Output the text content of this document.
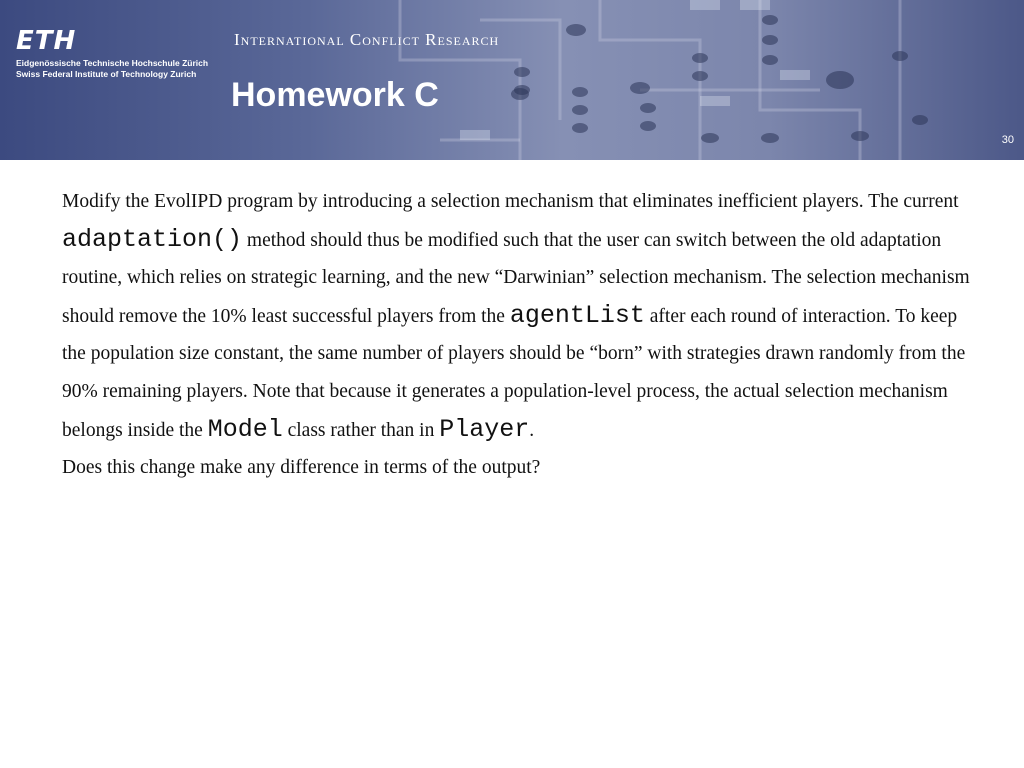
ETH
Eidgenössische Technische Hochschule Zürich
Swiss Federal Institute of Technology Zurich
International Conflict Research
Homework C
30

Modify the EvolIPD program by introducing a selection mechanism that eliminates inefficient players. The current adaptation() method should thus be modified such that the user can switch between the old adaptation routine, which relies on strategic learning, and the new “Darwinian” selection mechanism. The selection mechanism should remove the 10% least successful players from the agentList after each round of interaction. To keep the population size constant, the same number of players should be “born” with strategies drawn randomly from the 90% remaining players. Note that because it generates a population-level process, the actual selection mechanism belongs inside the Model class rather than in Player.

Does this change make any difference in terms of the output?
